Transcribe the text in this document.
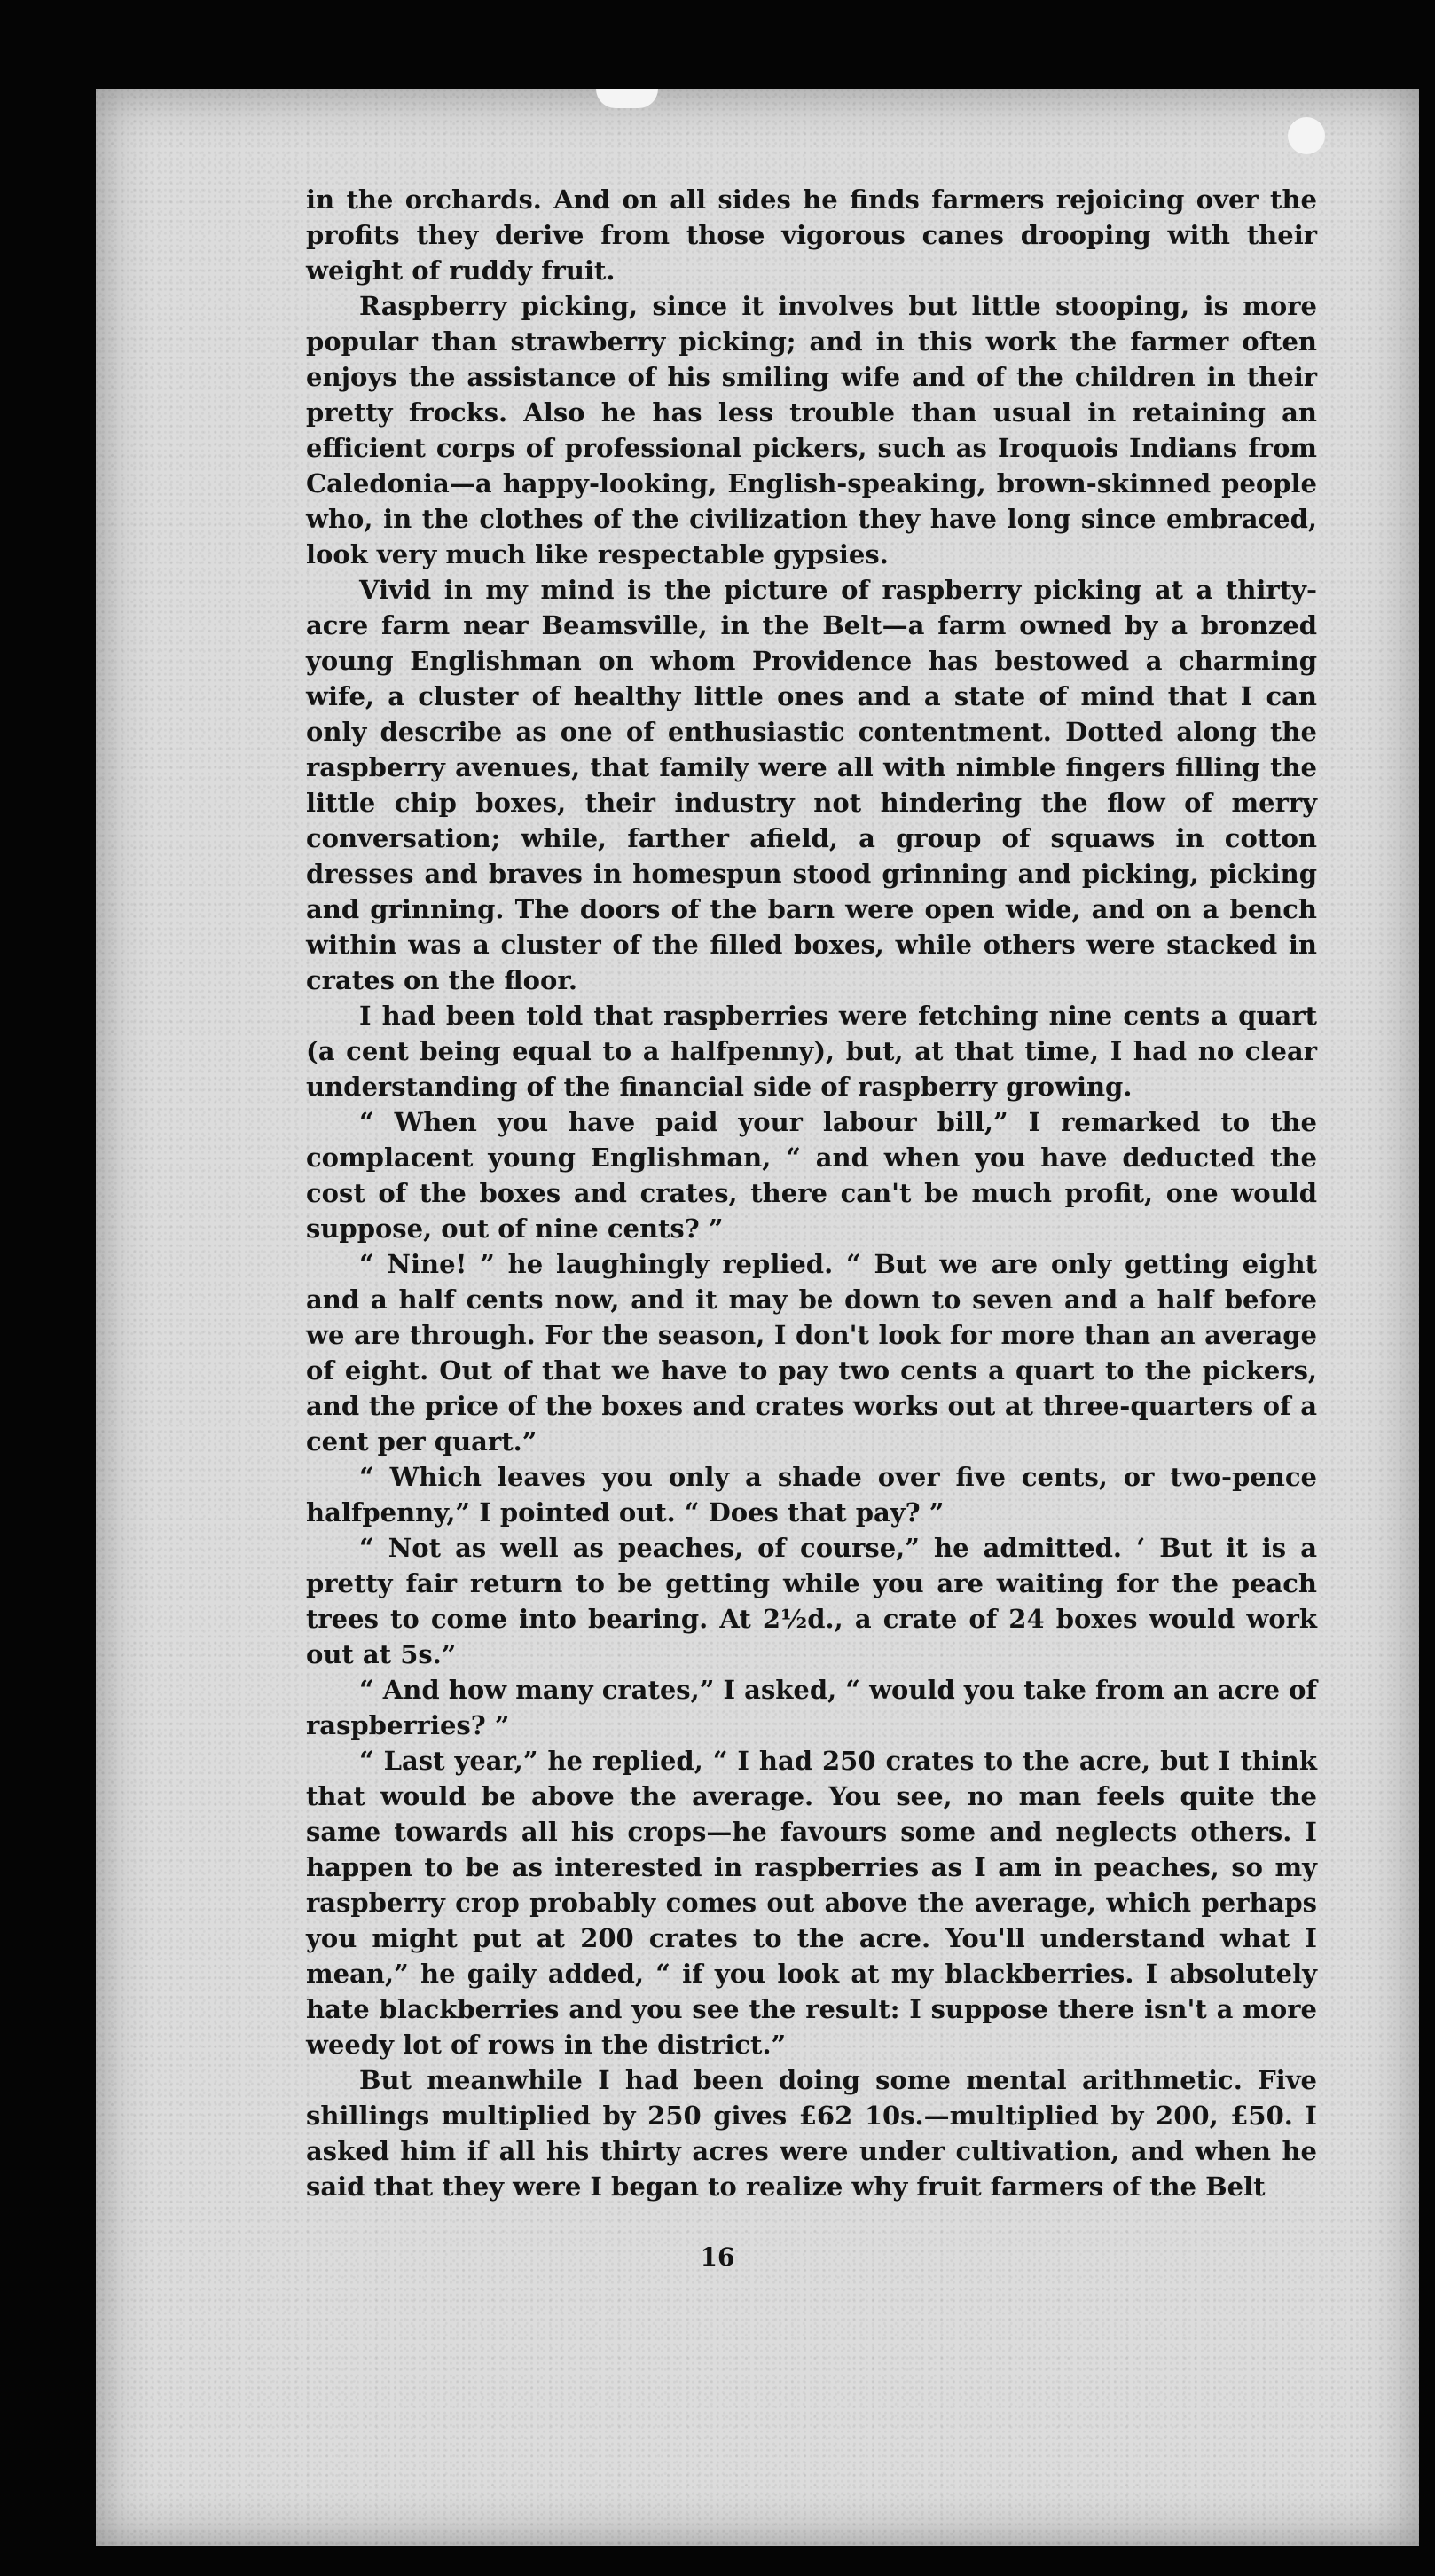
in the orchards. And on all sides he finds farmers rejoicing over the profits they derive from those vigorous canes drooping with their weight of ruddy fruit.

Raspberry picking, since it involves but little stooping, is more popular than strawberry picking; and in this work the farmer often enjoys the assistance of his smiling wife and of the children in their pretty frocks. Also he has less trouble than usual in retaining an efficient corps of professional pickers, such as Iroquois Indians from Caledonia—a happy-looking, English-speaking, brown-skinned people who, in the clothes of the civilization they have long since embraced, look very much like respectable gypsies.

Vivid in my mind is the picture of raspberry picking at a thirty-acre farm near Beamsville, in the Belt—a farm owned by a bronzed young Englishman on whom Providence has bestowed a charming wife, a cluster of healthy little ones and a state of mind that I can only describe as one of enthusiastic contentment. Dotted along the raspberry avenues, that family were all with nimble fingers filling the little chip boxes, their industry not hindering the flow of merry conversation; while, farther afield, a group of squaws in cotton dresses and braves in homespun stood grinning and picking, picking and grinning. The doors of the barn were open wide, and on a bench within was a cluster of the filled boxes, while others were stacked in crates on the floor.

I had been told that raspberries were fetching nine cents a quart (a cent being equal to a halfpenny), but, at that time, I had no clear understanding of the financial side of raspberry growing.

“ When you have paid your labour bill,” I remarked to the complacent young Englishman, “ and when you have deducted the cost of the boxes and crates, there can't be much profit, one would suppose, out of nine cents? ”

“ Nine! ” he laughingly replied. “ But we are only getting eight and a half cents now, and it may be down to seven and a half before we are through. For the season, I don't look for more than an average of eight. Out of that we have to pay two cents a quart to the pickers, and the price of the boxes and crates works out at three-quarters of a cent per quart.”

“ Which leaves you only a shade over five cents, or two-pence halfpenny,” I pointed out. “ Does that pay? ”

“ Not as well as peaches, of course,” he admitted. ‘ But it is a pretty fair return to be getting while you are waiting for the peach trees to come into bearing. At 2½d., a crate of 24 boxes would work out at 5s.”

“ And how many crates,” I asked, “ would you take from an acre of raspberries? ”

“ Last year,” he replied, “ I had 250 crates to the acre, but I think that would be above the average. You see, no man feels quite the same towards all his crops—he favours some and neglects others. I happen to be as interested in raspberries as I am in peaches, so my raspberry crop probably comes out above the average, which perhaps you might put at 200 crates to the acre. You'll understand what I mean,” he gaily added, “ if you look at my blackberries. I absolutely hate blackberries and you see the result: I suppose there isn't a more weedy lot of rows in the district.”

But meanwhile I had been doing some mental arithmetic. Five shillings multiplied by 250 gives £62 10s.—multiplied by 200, £50. I asked him if all his thirty acres were under cultivation, and when he said that they were I began to realize why fruit farmers of the Belt

16
